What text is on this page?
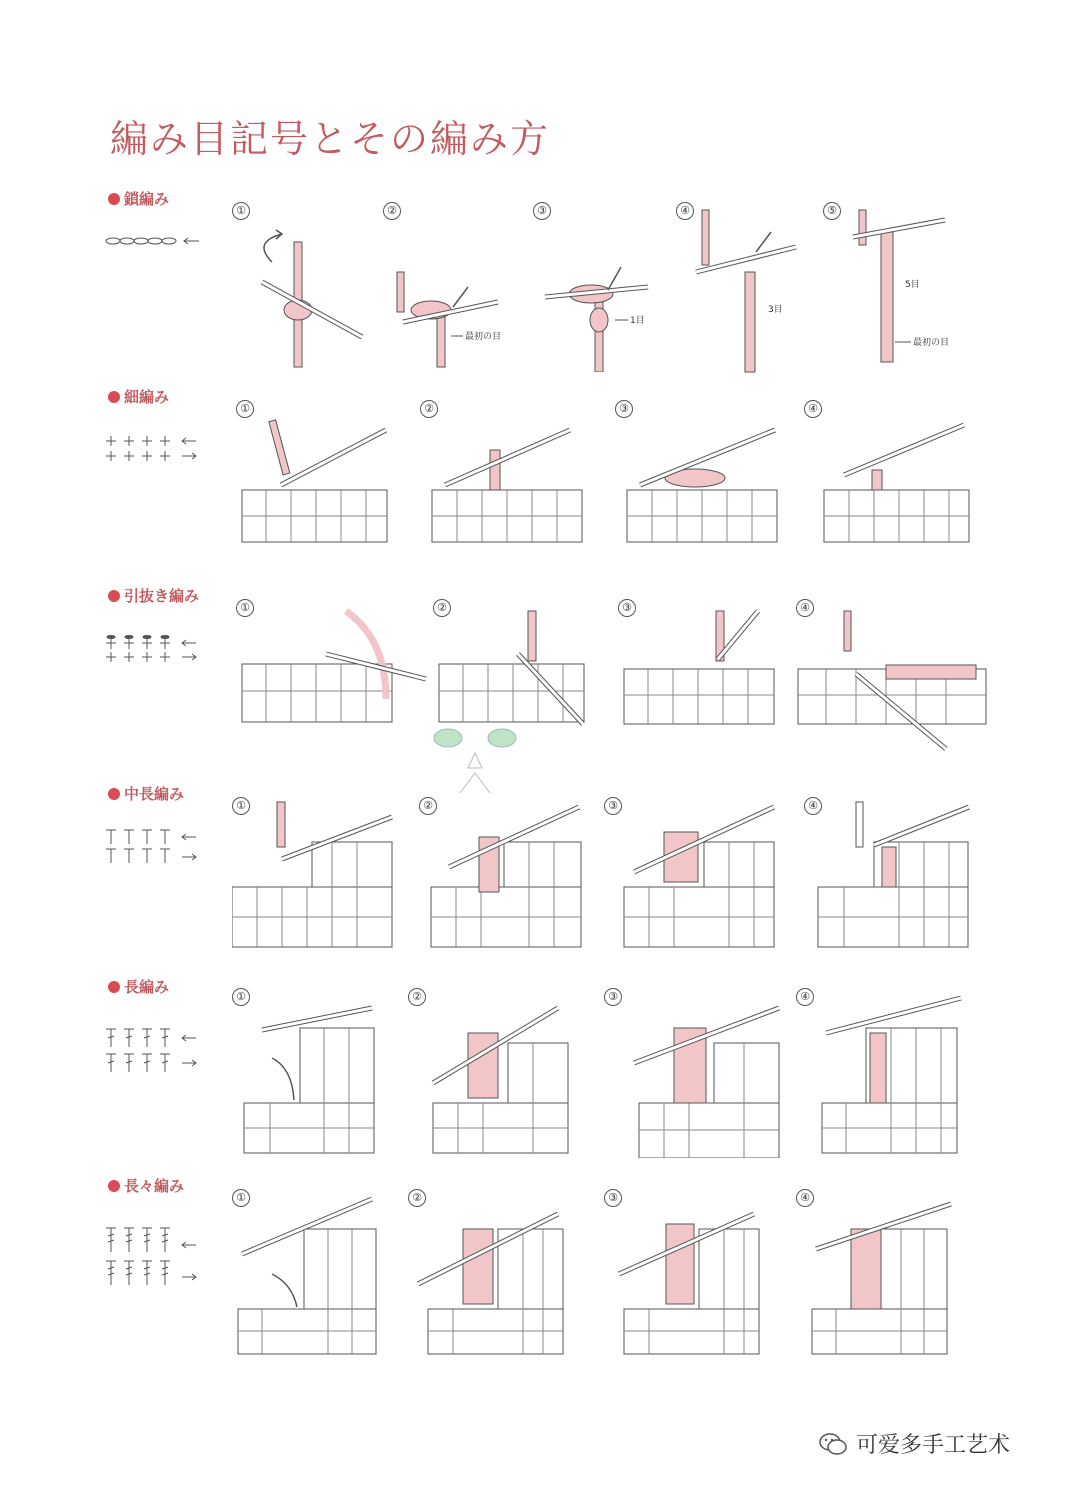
編み目記号とその編み方
鎖編み
①
最初の目
②
1目
③
3目
④
5目
最初の目
⑤
細編み
①	②	③	④
引抜き編み
①	②	③	④
中長編み
①	②	③	④
長編み
①	②	③	④
長々編み
①	②	③	④
可爱多手工艺术
